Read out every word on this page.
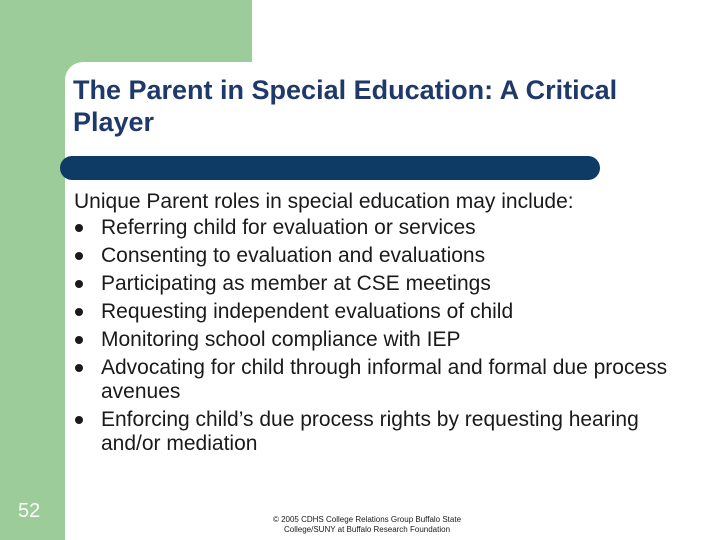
The Parent in Special Education: A Critical Player

Unique Parent roles in special education may include:

Referring child for evaluation or services
Consenting to evaluation and evaluations
Participating as member at CSE meetings
Requesting independent evaluations of child
Monitoring school compliance with IEP
Advocating for child through informal and formal due process avenues
Enforcing child’s due process rights by requesting hearing and/or mediation
52	© 2005 CDHS College Relations Group Buffalo State
College/SUNY at Buffalo Research Foundation
